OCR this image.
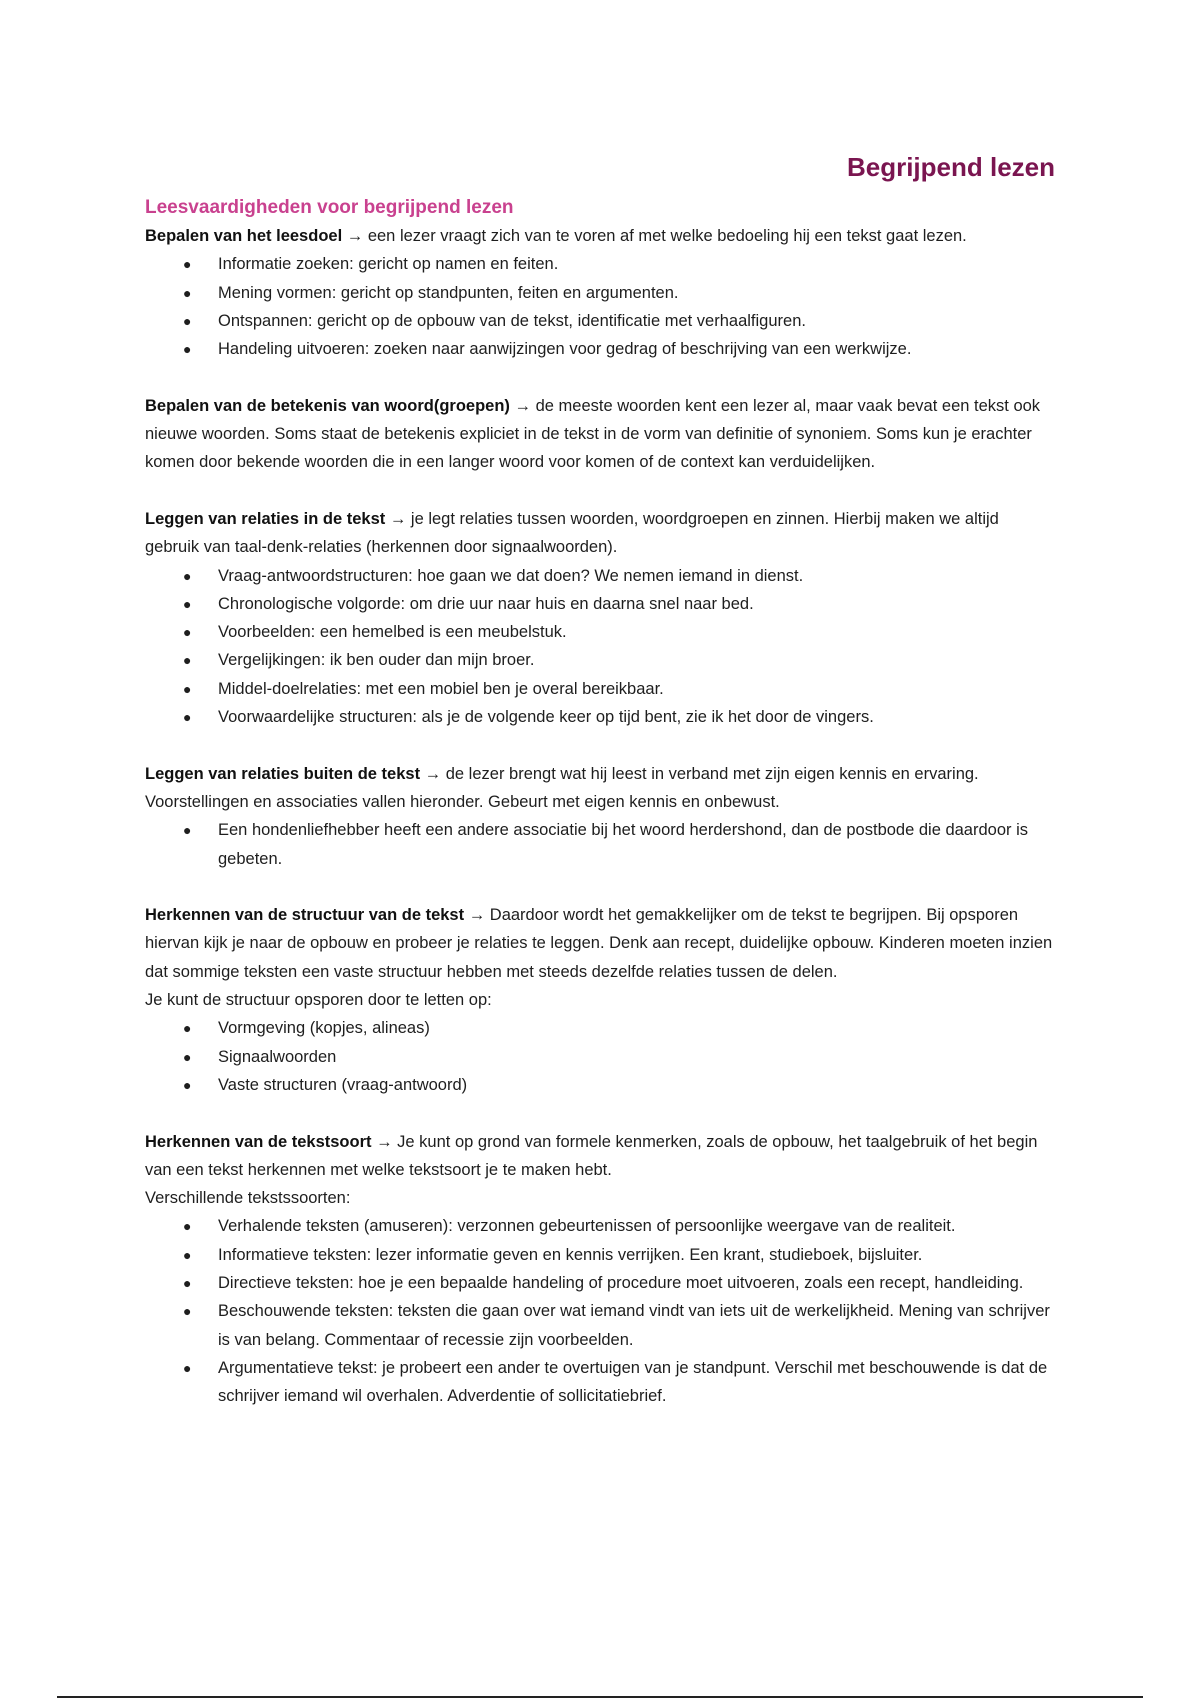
Begrijpend lezen
Leesvaardigheden voor begrijpend lezen

Bepalen van het leesdoel → een lezer vraagt zich van te voren af met welke bedoeling hij een tekst gaat lezen.

● Informatie zoeken: gericht op namen en feiten.
● Mening vormen: gericht op standpunten, feiten en argumenten.
● Ontspannen: gericht op de opbouw van de tekst, identificatie met verhaalfiguren.
● Handeling uitvoeren: zoeken naar aanwijzingen voor gedrag of beschrijving van een werkwijze.

Bepalen van de betekenis van woord(groepen) → de meeste woorden kent een lezer al, maar vaak bevat een tekst ook nieuwe woorden. Soms staat de betekenis expliciet in de tekst in de vorm van definitie of synoniem. Soms kun je erachter komen door bekende woorden die in een langer woord voor komen of de context kan verduidelijken.

Leggen van relaties in de tekst → je legt relaties tussen woorden, woordgroepen en zinnen. Hierbij maken we altijd gebruik van taal-denk-relaties (herkennen door signaalwoorden).

● Vraag-antwoordstructuren: hoe gaan we dat doen? We nemen iemand in dienst.
● Chronologische volgorde: om drie uur naar huis en daarna snel naar bed.
● Voorbeelden: een hemelbed is een meubelstuk.
● Vergelijkingen: ik ben ouder dan mijn broer.
● Middel-doelrelaties: met een mobiel ben je overal bereikbaar.
● Voorwaardelijke structuren: als je de volgende keer op tijd bent, zie ik het door de vingers.

Leggen van relaties buiten de tekst → de lezer brengt wat hij leest in verband met zijn eigen kennis en ervaring. Voorstellingen en associaties vallen hieronder. Gebeurt met eigen kennis en onbewust.

● Een hondenliefhebber heeft een andere associatie bij het woord herdershond, dan de postbode die daardoor is gebeten.

Herkennen van de structuur van de tekst → Daardoor wordt het gemakkelijker om de tekst te begrijpen. Bij opsporen hiervan kijk je naar de opbouw en probeer je relaties te leggen. Denk aan recept, duidelijke opbouw. Kinderen moeten inzien dat sommige teksten een vaste structuur hebben met steeds dezelfde relaties tussen de delen.

Je kunt de structuur opsporen door te letten op:

● Vormgeving (kopjes, alineas)
● Signaalwoorden
● Vaste structuren (vraag-antwoord)

Herkennen van de tekstsoort → Je kunt op grond van formele kenmerken, zoals de opbouw, het taalgebruik of het begin van een tekst herkennen met welke tekstsoort je te maken hebt.

Verschillende tekstssoorten:

● Verhalende teksten (amuseren): verzonnen gebeurtenissen of persoonlijke weergave van de realiteit.
● Informatieve teksten: lezer informatie geven en kennis verrijken. Een krant, studieboek, bijsluiter.
● Directieve teksten: hoe je een bepaalde handeling of procedure moet uitvoeren, zoals een recept, handleiding.
● Beschouwende teksten: teksten die gaan over wat iemand vindt van iets uit de werkelijkheid. Mening van schrijver is van belang. Commentaar of recessie zijn voorbeelden.
● Argumentatieve tekst: je probeert een ander te overtuigen van je standpunt. Verschil met beschouwende is dat de schrijver iemand wil overhalen. Adverdentie of sollicitatiebrief.
